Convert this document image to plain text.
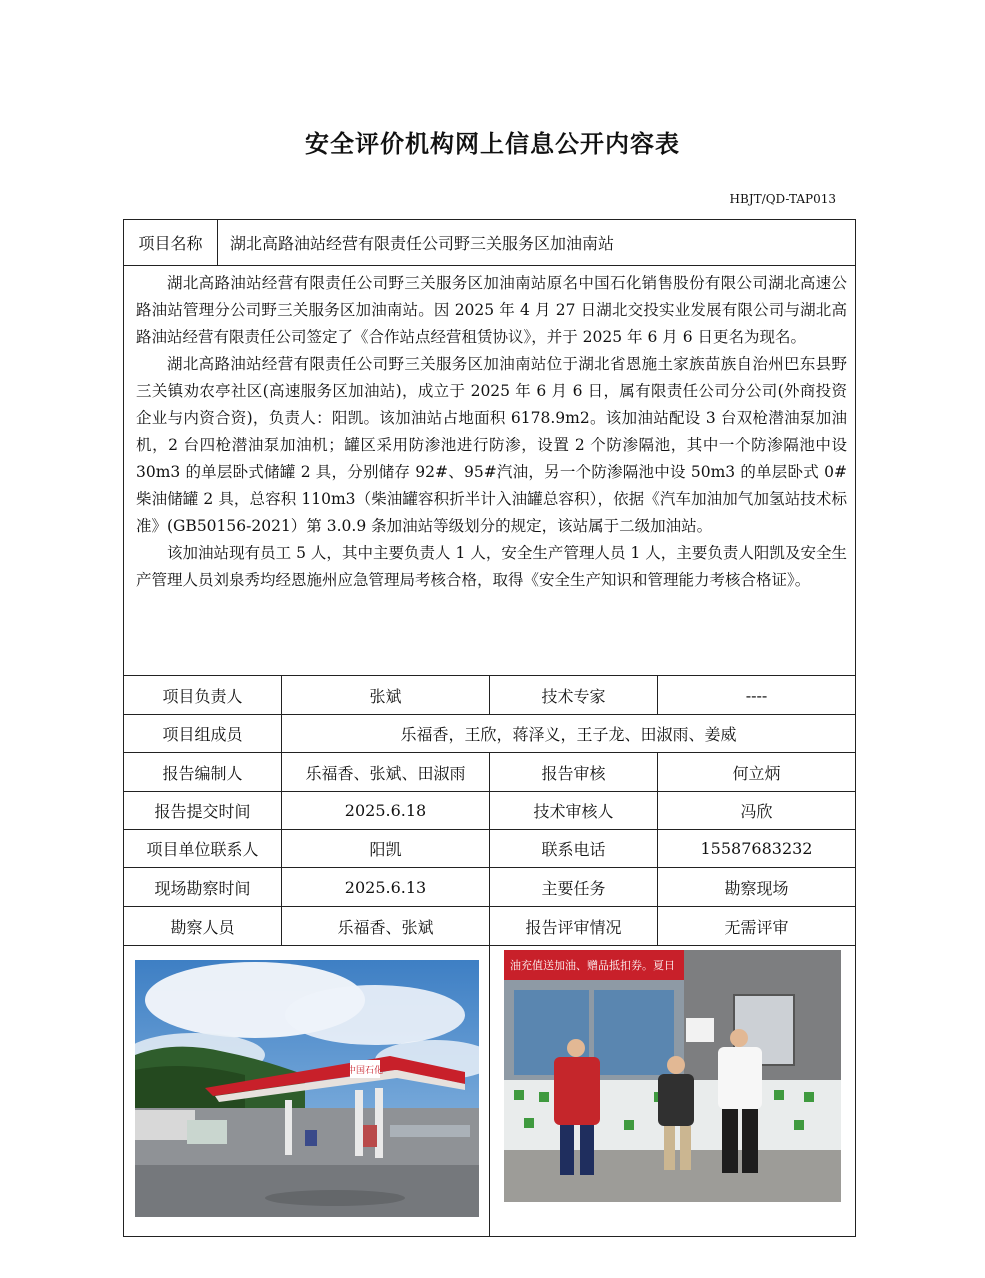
安全评价机构网上信息公开内容表
HBJT/QD-TAP013
项目名称	湖北高路油站经营有限责任公司野三关服务区加油南站

湖北高路油站经营有限责任公司野三关服务区加油南站原名中国石化销售股份有限公司湖北高速公路油站管理分公司野三关服务区加油南站。因 2025 年 4 月 27 日湖北交投实业发展有限公司与湖北高路油站经营有限责任公司签定了《合作站点经营租赁协议》，并于 2025 年 6 月 6 日更名为现名。

湖北高路油站经营有限责任公司野三关服务区加油南站位于湖北省恩施土家族苗族自治州巴东县野三关镇劝农亭社区(高速服务区加油站)，成立于 2025 年 6 月 6 日，属有限责任公司分公司(外商投资企业与内资合资)，负责人：阳凯。该加油站占地面积 6178.9m2。该加油站配设 3 台双枪潜油泵加油机，2 台四枪潜油泵加油机；罐区采用防渗池进行防渗，设置 2 个防渗隔池，其中一个防渗隔池中设 30m3 的单层卧式储罐 2 具，分别储存 92#、95#汽油，另一个防渗隔池中设 50m3 的单层卧式 0#柴油储罐 2 具，总容积 110m3（柴油罐容积折半计入油罐总容积），依据《汽车加油加气加氢站技术标准》(GB50156-2021）第 3.0.9 条加油站等级划分的规定，该站属于二级加油站。

该加油站现有员工 5 人，其中主要负责人 1 人，安全生产管理人员 1 人，主要负责人阳凯及安全生产管理人员刘泉秀均经恩施州应急管理局考核合格，取得《安全生产知识和管理能力考核合格证》。

项目负责人	张斌	技术专家	----
项目组成员	乐福香，王欣，蒋泽义，王子龙、田淑雨、姜威
报告编制人	乐福香、张斌、田淑雨	报告审核	何立炳
报告提交时间	2025.6.18	技术审核人	冯欣
项目单位联系人	阳凯	联系电话	15587683232
现场勘察时间	2025.6.13	主要任务	勘察现场
勘察人员	乐福香、张斌	报告评审情况	无需评审
中国石化
油充值送加油、赠品抵扣券。夏日
